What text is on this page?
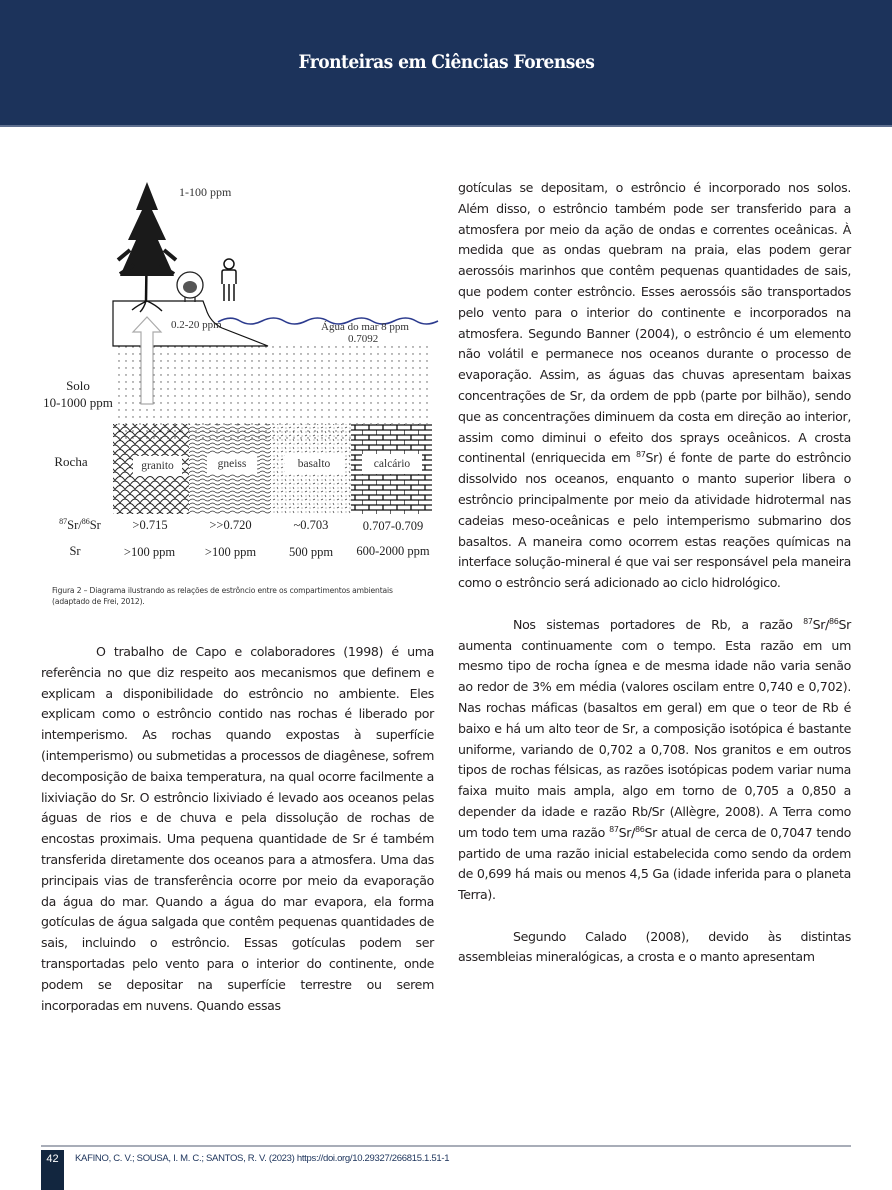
Fronteiras em Ciências Forenses
1-100 ppm
0.2-20 ppm	Água do mar 8 ppm
0.7092
Solo
10-1000 ppm
Rocha	granito	gneiss	basalto	calcário
$^{87}$Sr/$^{86}$Sr	>0.715	>>0.720	~0.703	0.707-0.709
Sr	>100 ppm	>100 ppm	500 ppm	600-2000 ppm

Figura 2 – Diagrama ilustrando as relações de estrôncio entre os compartimentos ambientais (adaptado de Frei, 2012).

O trabalho de Capo e colaboradores (1998) é uma referência no que diz respeito aos mecanismos que definem e explicam a disponibilidade do estrôncio no ambiente. Eles explicam como o estrôncio contido nas rochas é liberado por intemperismo. As rochas quando expostas à superfície (intemperismo) ou submetidas a processos de diagênese, sofrem decomposição de baixa temperatura, na qual ocorre facilmente a lixiviação do Sr. O estrôncio lixiviado é levado aos oceanos pelas águas de rios e de chuva e pela dissolução de rochas de encostas proximais. Uma pequena quantidade de Sr é também transferida diretamente dos oceanos para a atmosfera. Uma das principais vias de transferência ocorre por meio da evaporação da água do mar. Quando a água do mar evapora, ela forma gotículas de água salgada que contêm pequenas quantidades de sais, incluindo o estrôncio. Essas gotículas podem ser transportadas pelo vento para o interior do continente, onde podem se depositar na superfície terrestre ou serem incorporadas em nuvens. Quando essas

gotículas se depositam, o estrôncio é incorporado nos solos. Além disso, o estrôncio também pode ser transferido para a atmosfera por meio da ação de ondas e correntes oceânicas. À medida que as ondas quebram na praia, elas podem gerar aerossóis marinhos que contêm pequenas quantidades de sais, que podem conter estrôncio. Esses aerossóis são transportados pelo vento para o interior do continente e incorporados na atmosfera. Segundo Banner (2004), o estrôncio é um elemento não volátil e permanece nos oceanos durante o processo de evaporação. Assim, as águas das chuvas apresentam baixas concentrações de Sr, da ordem de ppb (parte por bilhão), sendo que as concentrações diminuem da costa em direção ao interior, assim como diminui o efeito dos sprays oceânicos. A crosta continental (enriquecida em $^{87}$Sr) é fonte de parte do estrôncio dissolvido nos oceanos, enquanto o manto superior libera o estrôncio principalmente por meio da atividade hidrotermal nas cadeias meso-oceânicas e pelo intemperismo submarino dos basaltos. A maneira como ocorrem estas reações químicas na interface solução-mineral é que vai ser responsável pela maneira como o estrôncio será adicionado ao ciclo hidrológico.

Nos sistemas portadores de Rb, a razão $^{87}$Sr/$^{86}$Sr aumenta continuamente com o tempo. Esta razão em um mesmo tipo de rocha ígnea e de mesma idade não varia senão ao redor de 3% em média (valores oscilam entre 0,740 e 0,702). Nas rochas máficas (basaltos em geral) em que o teor de Rb é baixo e há um alto teor de Sr, a composição isotópica é bastante uniforme, variando de 0,702 a 0,708. Nos granitos e em outros tipos de rochas félsicas, as razões isotópicas podem variar numa faixa muito mais ampla, algo em torno de 0,705 a 0,850 a depender da idade e razão Rb/Sr (Allègre, 2008). A Terra como um todo tem uma razão $^{87}$Sr/$^{86}$Sr atual de cerca de 0,7047 tendo partido de uma razão inicial estabelecida como sendo da ordem de 0,699 há mais ou menos 4,5 Ga (idade inferida para o planeta Terra).

Segundo Calado (2008), devido às distintas assembleias mineralógicas, a crosta e o manto apresentam

42	KAFINO, C. V.; SOUSA, I. M. C.; SANTOS, R. V. (2023) https://doi.org/10.29327/266815.1.51-1
